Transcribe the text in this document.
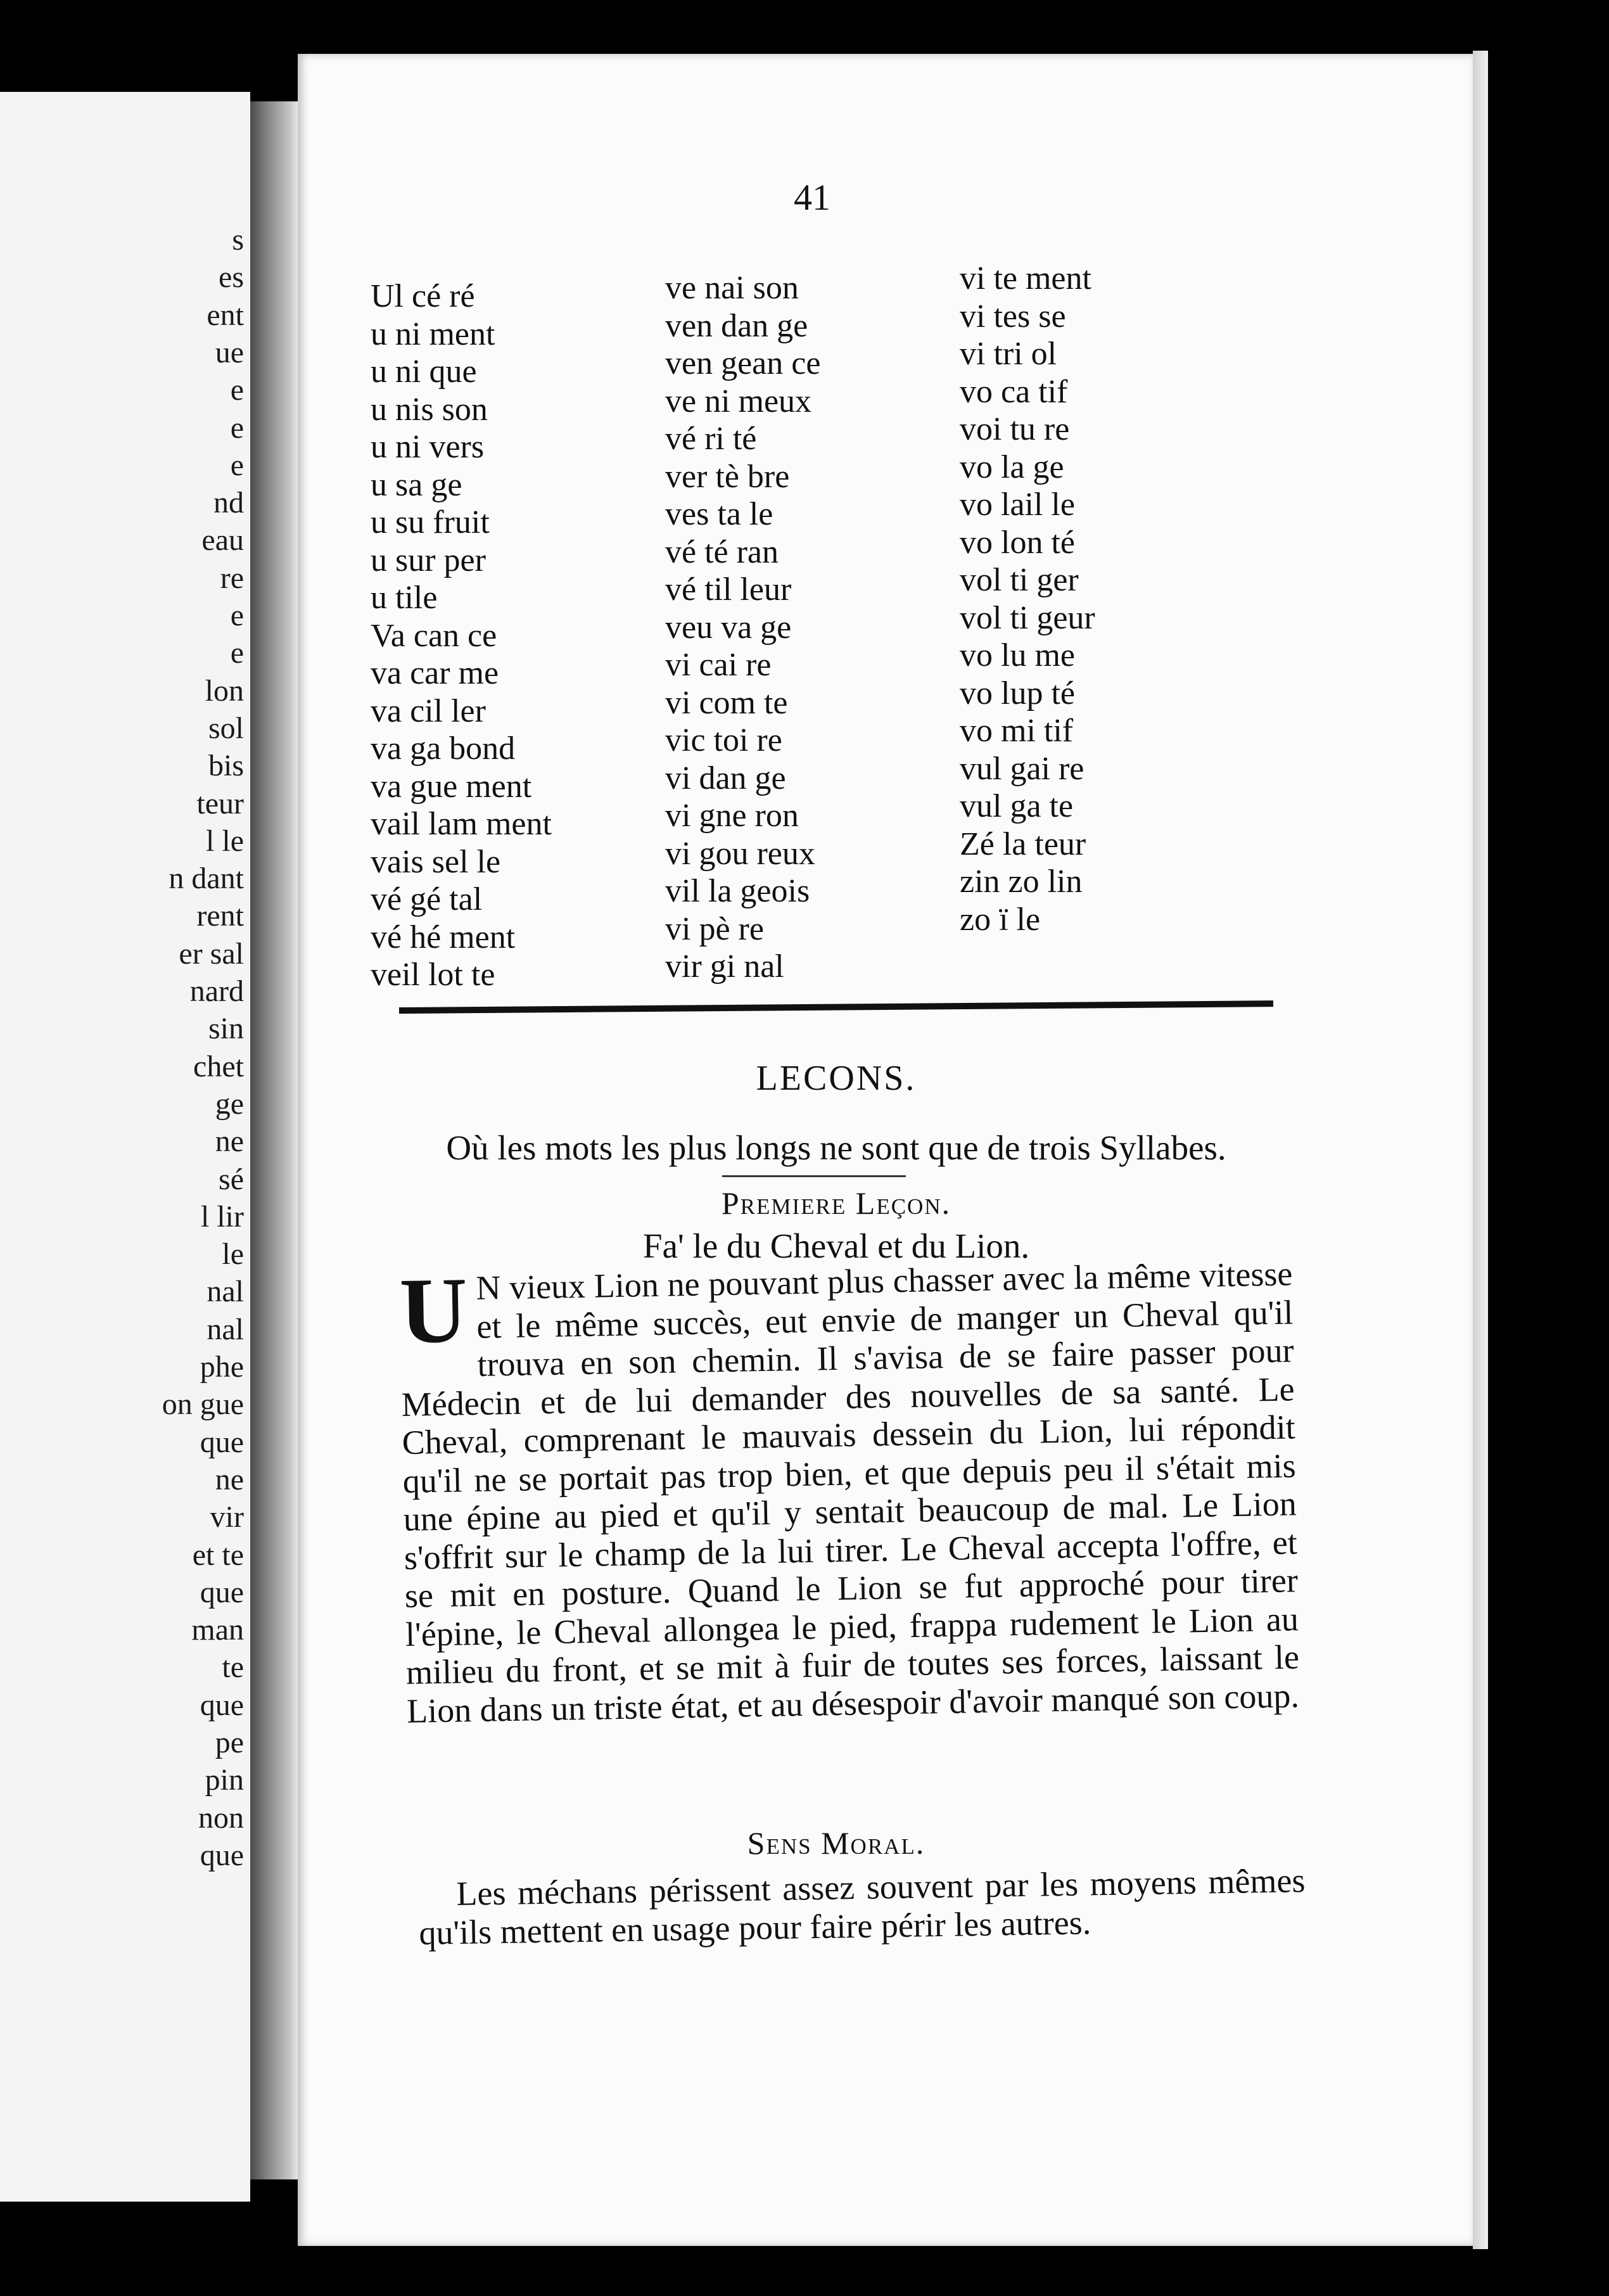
s
es
ent
ue
e
e
e
nd
eau
re
e
e
lon
sol
bis
teur
l le
n dant
rent
er sal
nard
sin
chet
ge
ne
sé
l lir
le
nal
nal
phe
on gue
que
ne
vir
et te
que
man
te
que
pe
pin
non
que
41
Ul cé ré
u ni ment
u ni que
u nis son
u ni vers
u sa ge
u su fruit
u sur per
u tile
Va can ce
va car me
va cil ler
va ga bond
va gue ment
vail lam ment
vais sel le
vé gé tal
vé hé ment
veil lot te
ve nai son
ven dan ge
ven gean ce
ve ni meux
vé ri té
ver tè bre
ves ta le
vé té ran
vé til leur
veu va ge
vi cai re
vi com te
vic toi re
vi dan ge
vi gne ron
vi gou reux
vil la geois
vi pè re
vir gi nal
vi te ment
vi tes se
vi tri ol
vo ca tif
voi tu re
vo la ge
vo lail le
vo lon té
vol ti ger
vol ti geur
vo lu me
vo lup té
vo mi tif
vul gai re
vul ga te
Zé la teur
zin zo lin
zo ï le
LECONS.
Où les mots les plus longs ne sont que de trois Syllabes.
Premiere Leçon.
Fa' le du Cheval et du Lion.
U N vieux Lion ne pouvant plus chasser avec la même vitesse et le même succès, eut envie de manger un Cheval qu'il trouva en son chemin. Il s'avisa de se faire passer pour Médecin et de lui demander des nouvelles de sa santé. Le Cheval, comprenant le mauvais dessein du Lion, lui répondit qu'il ne se portait pas trop bien, et que depuis peu il s'était mis une épine au pied et qu'il y sentait beaucoup de mal. Le Lion s'offrit sur le champ de la lui tirer. Le Cheval accepta l'offre, et se mit en posture. Quand le Lion se fut approché pour tirer l'épine, le Cheval allongea le pied, frappa rudement le Lion au milieu du front, et se mit à fuir de toutes ses forces, laissant le Lion dans un triste état, et au désespoir d'avoir manqué son coup.
Sens Moral.
Les méchans périssent assez souvent par les moyens mêmes qu'ils mettent en usage pour faire périr les autres.
